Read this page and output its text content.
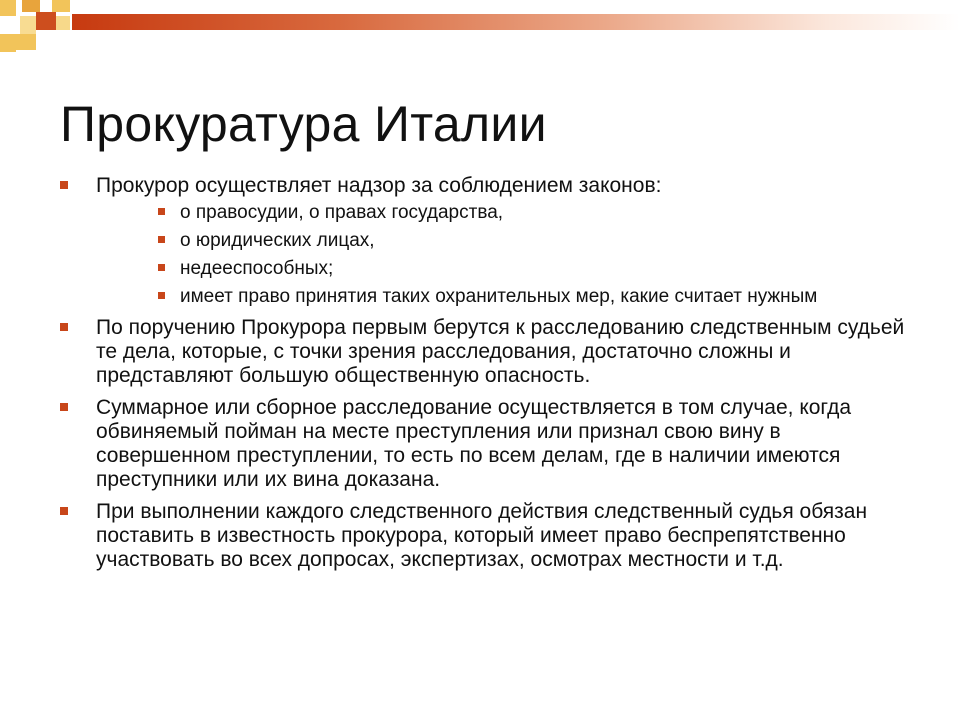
Прокуратура Италии
Прокурор осуществляет надзор за соблюдением законов:
о правосудии, о правах государства,
о юридических лицах,
недееспособных;
имеет право принятия таких охранительных мер, какие считает нужным
По поручению Прокурора первым берутся к расследованию следственным судьей те дела, которые, с точки зрения расследования, достаточно сложны и представляют большую общественную опасность.
Суммарное или сборное расследование осуществляется в том случае, когда обвиняемый пойман на месте преступления или признал свою вину в совершенном преступлении, то есть по всем делам, где в наличии имеются преступники или их вина доказана.
При выполнении каждого следственного действия следственный судья обязан поставить в известность прокурора, который имеет право беспрепятственно участвовать во всех допросах, экспертизах, осмотрах местности и т.д.
